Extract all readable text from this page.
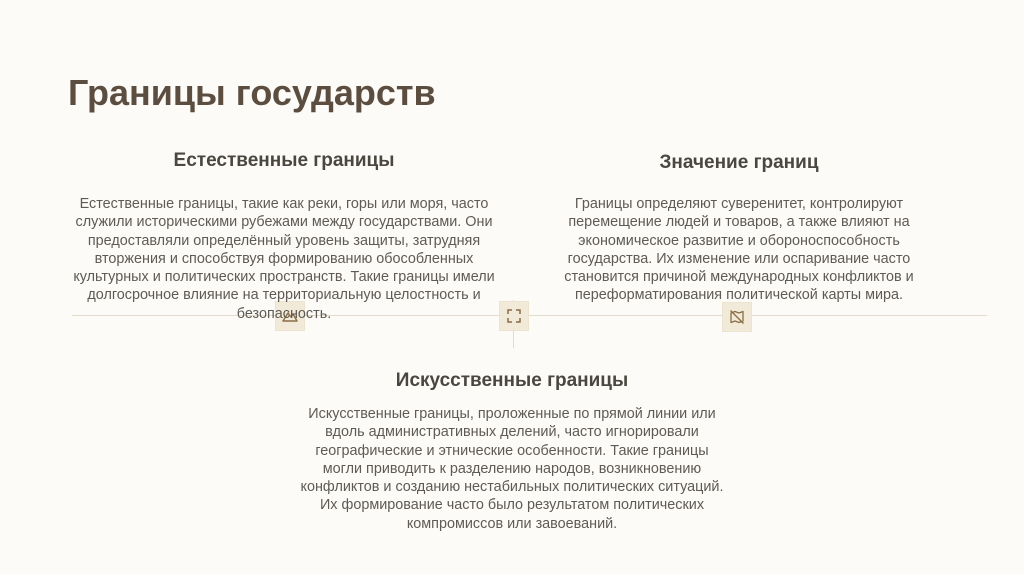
Границы государств
Естественные границы

Естественные границы, такие как реки, горы или моря, часто служили историческими рубежами между государствами. Они предоставляли определённый уровень защиты, затрудняя вторжения и способствуя формированию обособленных культурных и политических пространств. Такие границы имели долгосрочное влияние на территориальную целостность и безопасность.

Значение границ

Границы определяют суверенитет, контролируют перемещение людей и товаров, а также влияют на экономическое развитие и обороноспособность государства. Их изменение или оспаривание часто становится причиной международных конфликтов и переформатирования политической карты мира.

Искусственные границы

Искусственные границы, проложенные по прямой линии или вдоль административных делений, часто игнорировали географические и этнические особенности. Такие границы могли приводить к разделению народов, возникновению конфликтов и созданию нестабильных политических ситуаций. Их формирование часто было результатом политических компромиссов или завоеваний.
